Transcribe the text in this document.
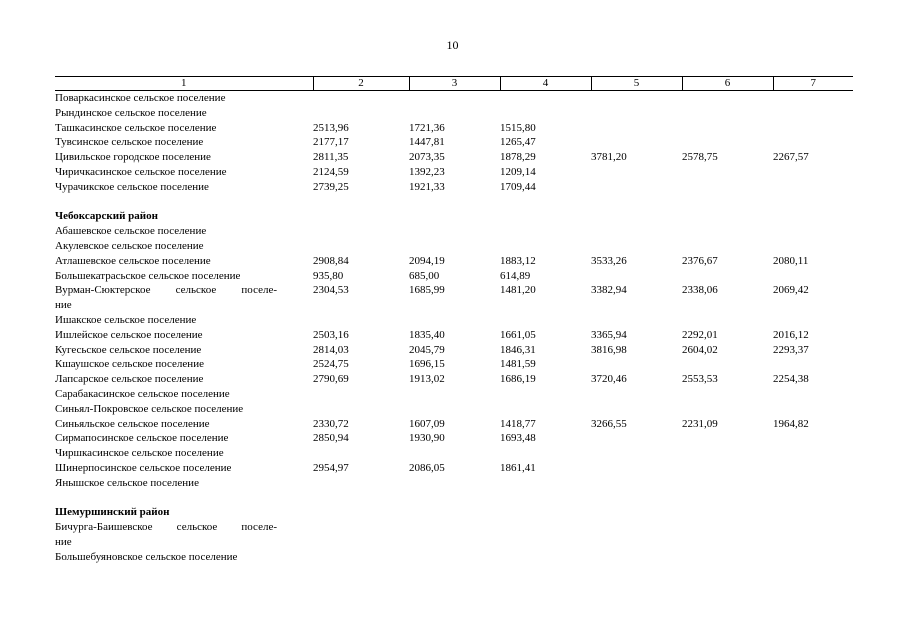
10
1	2	3	4	5	6	7
Поваркасинское сельское поселение						
Рындинское сельское поселение						
Ташкасинское сельское поселение	2513,96	1721,36	1515,80			
Тувсинское сельское поселение	2177,17	1447,81	1265,47			
Цивильское городское поселение	2811,35	2073,35	1878,29	3781,20	2578,75	2267,57
Чиричкасинское сельское поселение	2124,59	1392,23	1209,14			
Чурачикское сельское поселение	2739,25	1921,33	1709,44			

Чебоксарский район						
Абашевское сельское поселение						
Акулевское сельское поселение						
Атлашевское сельское поселение	2908,84	2094,19	1883,12	3533,26	2376,67	2080,11
Большекатрасьское сельское поселение	935,80	685,00	614,89			
Вурман-Сюктерское сельское поселе-	2304,53	1685,99	1481,20	3382,94	2338,06	2069,42
ние						
Ишакское сельское поселение						
Ишлейское сельское поселение	2503,16	1835,40	1661,05	3365,94	2292,01	2016,12
Кугесьское сельское поселение	2814,03	2045,79	1846,31	3816,98	2604,02	2293,37
Кшаушское сельское поселение	2524,75	1696,15	1481,59			
Лапсарское сельское поселение	2790,69	1913,02	1686,19	3720,46	2553,53	2254,38
Сарабакасинское сельское поселение						
Синьял-Покровское сельское поселение						
Синьяльское сельское поселение	2330,72	1607,09	1418,77	3266,55	2231,09	1964,82
Сирмапосинское сельское поселение	2850,94	1930,90	1693,48			
Чиршкасинское сельское поселение						
Шинерпосинское сельское поселение	2954,97	2086,05	1861,41			
Янышское сельское поселение						

Шемуршинский район						
Бичурга-Баишевское сельское поселе-						
ние						
Большебуяновское сельское поселение						
